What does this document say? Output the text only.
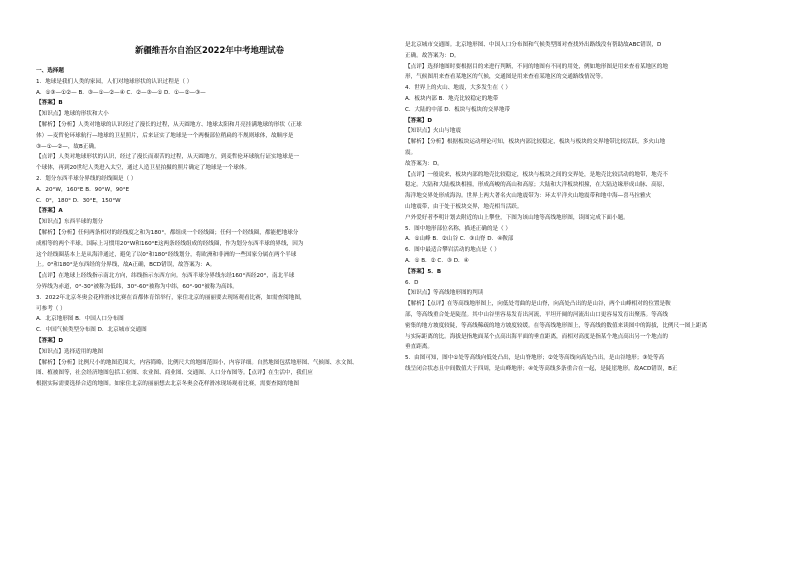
新疆维吾尔自治区2022年中考地理试卷

一、选择题

1．地球是我们人类的家园，人们对地球形状的认识过程是（ ）

A．①③—①②— B．③—①—②—④ C．②—③—① D．①—②—③—

【答案】B

【知识点】地球的形状和大小

【解析】【分析】人类对地球的认识经过了漫长的过程，从天圆地方、地球太阳和月亮挂满地球的形状（正球

体）—麦哲伦环球航行—地球的卫星照片，后来证实了地球是一个两极部位稍扁的不规则球体，故顺序是

③—①—②—，故B正确。

【点评】人类对地球形状的认识，经过了漫长而艰苦的过程，从天圆地方，到麦哲伦环球航行证实地球是一

个球体，再到20世纪人类进入太空，通过人造卫星拍摄的照片确定了地球是一个球体。

2．划分东西半球分界线的经线圈是（ ）

A．20°W，160°E B．90°W，90°E

C．0°，180° D．30°E，150°W

【答案】A

【知识点】东西半球的划分

【解析】【分析】任何两条相对的经线度之和为180°，都组成一个经线圈；任何一个经线圈，都能把地球分

成相等的两个半球。国际上习惯用20°W和160°E这两条经线组成的经线圈，作为划分东西半球的界线，因为

这个经线圈基本上是从海洋通过，避免了以0°和180°经线划分，将欧洲和非洲的一些国家分属在两个半球

上。0°和180°是东西经的分界线，故A正确，BCD错误，故答案为：A。

【点评】在地球上经线指示南北方向，纬线指示东西方向。东西半球分界线东经160°西经20°，南北半球

分界线为赤道，0°-30°被称为低纬，30°-60°被称为中纬，60°-90°被称为高纬。

3．2022年北京冬奥会花样滑冰比赛在首都体育馆举行，家住北京的丽丽要去现场观看比赛，如需查阅地图，

可参考（ ）

A．北京地形图 B．中国人口分布图

C．中国气候类型分布图 D．北京城市交通图

【答案】D

【知识点】选择适用的地图

【解析】【分析】比例尺小的地图范围大，内容简略，比例尺大的地图范围小，内容详细。自然地图包括地形图、气候图、水文图、

图、植被图等，社会经济地图包括工业图、农业图、商业图、交通图、人口分布图等。【点评】在生活中，我们应

根据实际需要选择合适的地图。如家住北京的丽丽想去北京冬奥会花样滑冰现场观看比赛，需要查阅的地图

是北京城市交通图。北京地形图、中国人口分布图和气候类型图对查找外出路线没有帮助故ABC错误，D

正确。故答案为：D。

【点评】选择地图时要根据目的来进行判断，不同的地图有不同的用处，例如地形图是用来查看某地区的地

形，气候图用来查看某地区的气候，交通图是用来查看某地区的交通路线情况等。

4．世界上的火山、地震，大多发生在（ ）

A．板块内部 B．地壳比较稳定的地带

C．大陆的中部 D．板块与板块的交界地带

【答案】D

【知识点】火山与地震

【解析】【分析】根据板块运动理论可知，板块内部比较稳定，板块与板块的交界地带比较活跃，多火山地

震。

故答案为：D。

【点评】一般说来，板块内部的地壳比较稳定，板块与板块之间的交界处，是地壳比较活动的地带，地壳不

稳定。大陆和大陆板块相撞，形成高峻的高山和高原；大陆和大洋板块相撞，在大陆边缘形成山脉、高原，

海洋地交界处形成海沟。世界上两大著名火山地震带为：环太平洋火山地震带和地中海—喜马拉雅火

山地震带，由于处于板块交界，地壳相当活跃。

户外爱好者李明计划去附近的山上攀登，下图为该山地等高线地形图，读图完成下面小题。

5．图中地形部位名称，描述正确的是（ ）

A．①山峰 B．②山谷 C．③山脊 D．④鞍部

6．图中最适合攀岩活动的地点是（ ）

A．① B．② C．③ D．④

【答案】5．B

6．D

【知识点】等高线地形图的判读

【解析】【点评】在等高线地形图上，向低处弯曲的是山脊，向高处凸出的是山谷，两个山峰相对的位置是鞍

部，等高线重合处是陡崖。其中山谷里容易发育出河流，平坦开阔的河流出山口更容易发育出聚落。等高线

密集的地方坡度较陡，等高线稀疏的地方坡度较缓。在等高线地形图上，等高线的数值来读图中的海拔，比例尺一图上距离

与实际距离的比。海拔是指地面某个点高出海平面的垂直距离，而相对高度是指某个地点高出另一个地点的

垂直距离。

5．由图可知，图中①处等高线向低处凸出，是山脊地形；②处等高线向高处凸出，是山谷地形；③处等高

线呈闭合状态且中间数值大于四周，是山峰地形；④处等高线多条重合在一起，是陡崖地形。故ACD错误，B正
